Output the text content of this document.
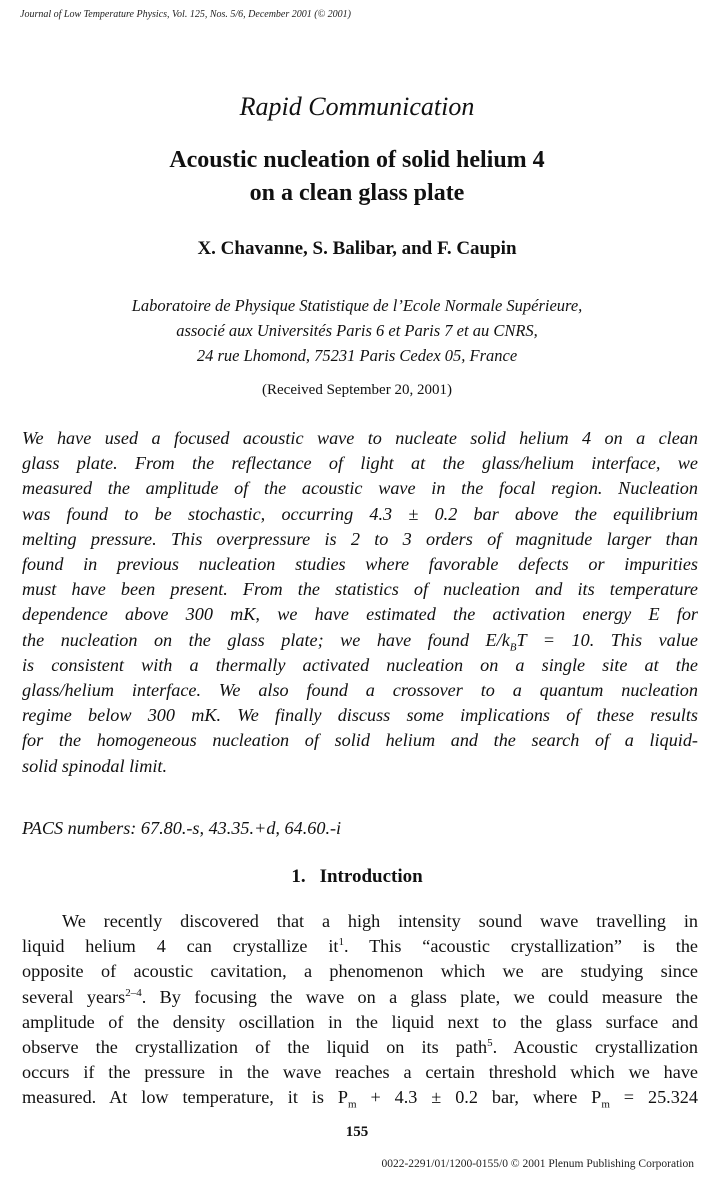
Journal of Low Temperature Physics, Vol. 125, Nos. 5/6, December 2001 (© 2001)
Rapid Communication
Acoustic nucleation of solid helium 4
on a clean glass plate
X. Chavanne, S. Balibar, and F. Caupin
Laboratoire de Physique Statistique de l’Ecole Normale Supérieure,
associé aux Universités Paris 6 et Paris 7 et au CNRS,
24 rue Lhomond, 75231 Paris Cedex 05, France
(Received September 20, 2001)
We have used a focused acoustic wave to nucleate solid helium 4 on a clean
glass plate. From the reflectance of light at the glass/helium interface, we
measured the amplitude of the acoustic wave in the focal region. Nucleation
was found to be stochastic, occurring 4.3 ± 0.2 bar above the equilibrium
melting pressure. This overpressure is 2 to 3 orders of magnitude larger than
found in previous nucleation studies where favorable defects or impurities
must have been present. From the statistics of nucleation and its temperature
dependence above 300 mK, we have estimated the activation energy E for
the nucleation on the glass plate; we have found $E/k_BT = 10$. This value
is consistent with a thermally activated nucleation on a single site at the
glass/helium interface. We also found a crossover to a quantum nucleation
regime below 300 mK. We finally discuss some implications of these results
for the homogeneous nucleation of solid helium and the search of a liquid-
solid spinodal limit.
PACS numbers: 67.80.-s, 43.35.+d, 64.60.-i
1. Introduction
We recently discovered that a high intensity sound wave travelling in
liquid helium 4 can crystallize $it^1$. This “acoustic crystallization” is the
opposite of acoustic cavitation, a phenomenon which we are studying since
several years$^{2-4}$. By focusing the wave on a glass plate, we could measure the
amplitude of the density oscillation in the liquid next to the glass surface and
observe the crystallization of the liquid on its path$^5$. Acoustic crystallization
occurs if the pressure in the wave reaches a certain threshold which we have
measured. At low temperature, it is $P_m + 4.3 \pm 0.2$ bar, where $P_m = 25.324$
155
0022-2291/01/1200-0155/0 © 2001 Plenum Publishing Corporation
